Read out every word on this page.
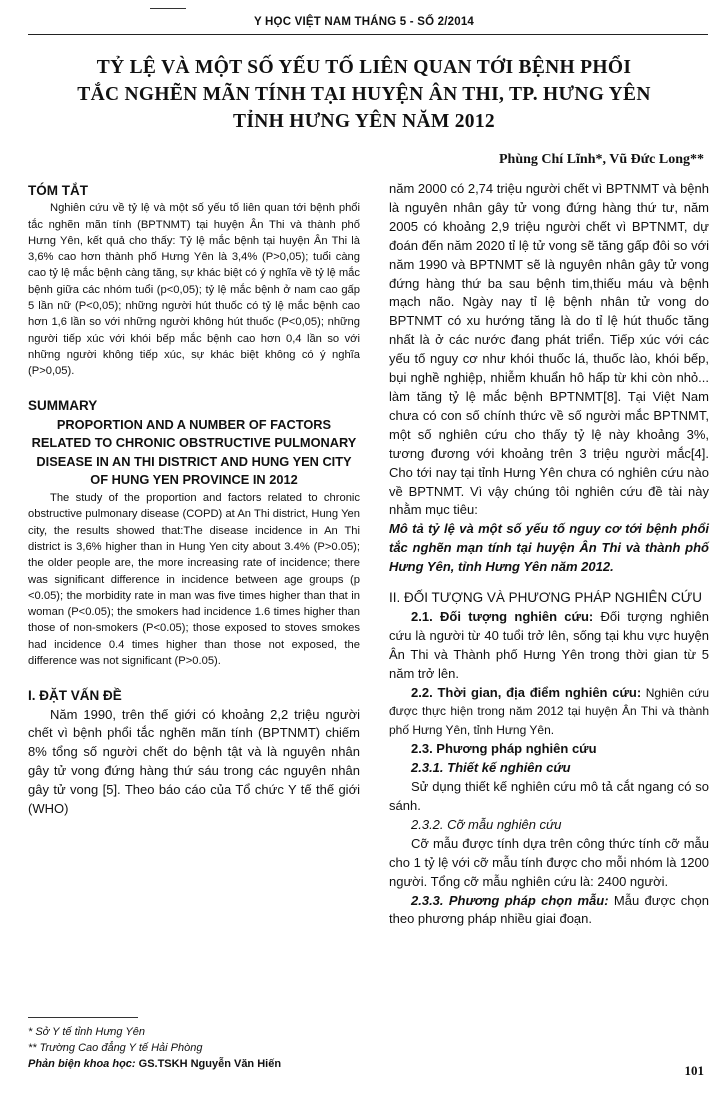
Y HỌC VIỆT NAM THÁNG 5 - SỐ 2/2014
TỶ LỆ VÀ MỘT SỐ YẾU TỐ LIÊN QUAN TỚI BỆNH PHỔI
TẮC NGHẼN MÃN TÍNH TẠI HUYỆN ÂN THI, TP. HƯNG YÊN
TỈNH HƯNG YÊN NĂM 2012
Phùng Chí Lĩnh*, Vũ Đức Long**

TÓM TẮT

Nghiên cứu về tỷ lệ và một số yếu tố liên quan tới bệnh phổi tắc nghẽn mãn tính (BPTNMT) tại huyện Ân Thi và thành phố Hưng Yên, kết quả cho thấy: Tỷ lệ mắc bệnh tại huyện Ân Thi là 3,6% cao hơn thành phố Hưng Yên là 3,4% (P>0,05); tuổi càng cao tỷ lệ mắc bệnh càng tăng, sự khác biệt có ý nghĩa về tỷ lệ mắc bệnh giữa các nhóm tuổi (p<0,05); tỷ lệ mắc bệnh ở nam cao gấp 5 lần nữ (P<0,05); những người hút thuốc có tỷ lệ mắc bệnh cao hơn 1,6 lần so với những người không hút thuốc (P<0,05); những người tiếp xúc với khói bếp mắc bệnh cao hơn 0,4 lần so với những người không tiếp xúc, sự khác biệt không có ý nghĩa (P>0,05).

SUMMARY

PROPORTION AND A NUMBER OF FACTORS RELATED TO CHRONIC OBSTRUCTIVE PULMONARY DISEASE IN AN THI DISTRICT AND HUNG YEN CITY OF HUNG YEN PROVINCE IN 2012

The study of the proportion and factors related to chronic obstructive pulmonary disease (COPD) at An Thi district, Hung Yen city, the results showed that:The disease incidence in An Thi district is 3,6% higher than in Hung Yen city about 3.4% (P>0.05); the older people are, the more increasing rate of incidence; there was significant difference in incidence between age groups (p <0.05); the morbidity rate in man was five times higher than that in woman (P<0.05); the smokers had incidence 1.6 times higher than those of non-smokers (P<0.05); those exposed to stoves smokes had incidence 0.4 times higher than those not exposed, the difference was not significant (P>0.05).

I. ĐẶT VẤN ĐỀ

Năm 1990, trên thế giới có khoảng 2,2 triệu người chết vì bệnh phổi tắc nghẽn mãn tính (BPTNMT) chiếm 8% tổng số người chết do bệnh tật và là nguyên nhân gây tử vong đứng hàng thứ sáu trong các nguyên nhân gây tử vong [5]. Theo báo cáo của Tổ chức Y tế thế giới (WHO)

năm 2000 có 2,74 triệu người chết vì BPTNMT và bệnh là nguyên nhân gây tử vong đứng hàng thứ tư, năm 2005 có khoảng 2,9 triệu người chết vì BPTNMT, dự đoán đến năm 2020 tỉ lệ tử vong sẽ tăng gấp đôi so với năm 1990 và BPTNMT sẽ là nguyên nhân gây tử vong đứng hàng thứ ba sau bệnh tim,thiếu máu và bệnh mạch não. Ngày nay tỉ lệ bệnh nhân tử vong do BPTNMT có xu hướng tăng là do tỉ lệ hút thuốc tăng nhất là ở các nước đang phát triển. Tiếp xúc với các yếu tố nguy cơ như khói thuốc lá, thuốc lào, khói bếp, bụi nghề nghiệp, nhiễm khuẩn hô hấp từ khi còn nhỏ... làm tăng tỷ lệ mắc bệnh BPTNMT[8]. Tại Việt Nam chưa có con số chính thức về số người mắc BPTNMT, một số nghiên cứu cho thấy tỷ lệ này khoảng 3%, tương đương với khoảng trên 3 triệu người mắc[4]. Cho tới nay tại tỉnh Hưng Yên chưa có nghiên cứu nào về BPTNMT. Vì vậy chúng tôi nghiên cứu đề tài này nhằm mục tiêu:

Mô tả tỷ lệ và một số yếu tố nguy cơ tới bệnh phổi tắc nghẽn mạn tính tại huyện Ân Thi và thành phố Hưng Yên, tỉnh Hưng Yên năm 2012.

II. ĐỐI TƯỢNG VÀ PHƯƠNG PHÁP NGHIÊN CỨU

2.1. Đối tượng nghiên cứu: Đối tượng nghiên cứu là người từ 40 tuổi trở lên, sống tại khu vực huyện Ân Thi và Thành phố Hưng Yên trong thời gian từ 5 năm trở lên.

2.2. Thời gian, địa điểm nghiên cứu: Nghiên cứu được thực hiện trong năm 2012 tại huyện Ân Thi và thành phố Hưng Yên, tỉnh Hưng Yên.

2.3. Phương pháp nghiên cứu

2.3.1. Thiết kế nghiên cứu

Sử dụng thiết kế nghiên cứu mô tả cắt ngang có so sánh.

2.3.2. Cỡ mẫu nghiên cứu

Cỡ mẫu được tính dựa trên công thức tính cỡ mẫu cho 1 tỷ lệ với cỡ mẫu tính được cho mỗi nhóm là 1200 người. Tổng cỡ mẫu nghiên cứu là: 2400 người.

2.3.3. Phương pháp chọn mẫu: Mẫu được chọn theo phương pháp nhiều giai đoạn.

* Sở Y tế tỉnh Hưng Yên
** Trường Cao đẳng Y tế Hải Phòng
Phản biện khoa học: GS.TSKH Nguyễn Văn Hiến	101
